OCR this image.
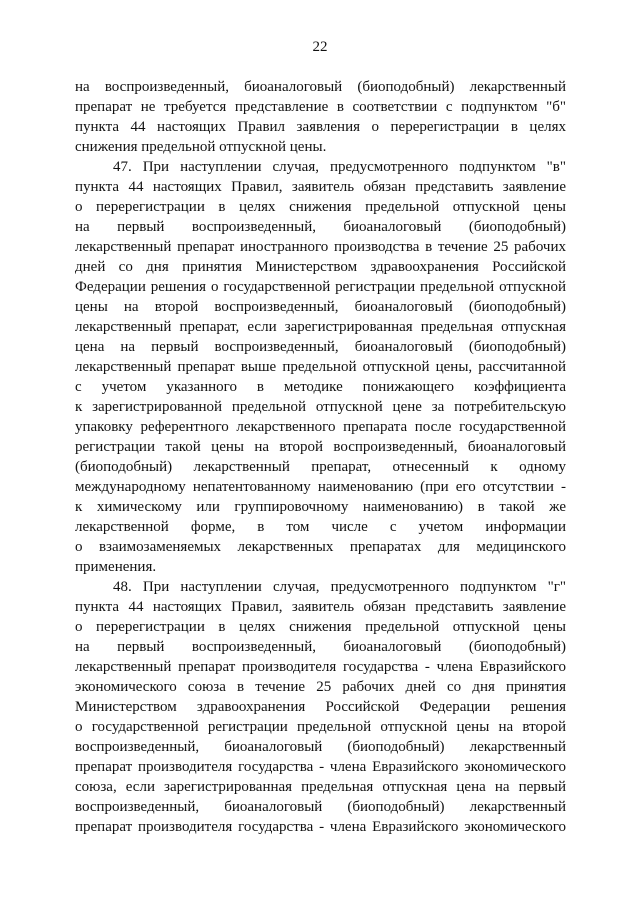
22
на воспроизведенный, биоаналоговый (биоподобный) лекарственный
препарат не требуется представление в соответствии с подпунктом "б"
пункта 44 настоящих Правил заявления о перерегистрации в целях
снижения предельной отпускной цены.
47. При наступлении случая, предусмотренного подпунктом "в"
пункта 44 настоящих Правил, заявитель обязан представить заявление
о перерегистрации в целях снижения предельной отпускной цены
на первый воспроизведенный, биоаналоговый (биоподобный)
лекарственный препарат иностранного производства в течение 25 рабочих
дней со дня принятия Министерством здравоохранения Российской
Федерации решения о государственной регистрации предельной отпускной
цены на второй воспроизведенный, биоаналоговый (биоподобный)
лекарственный препарат, если зарегистрированная предельная отпускная
цена на первый воспроизведенный, биоаналоговый (биоподобный)
лекарственный препарат выше предельной отпускной цены, рассчитанной
с учетом указанного в методике понижающего коэффициента
к зарегистрированной предельной отпускной цене за потребительскую
упаковку референтного лекарственного препарата после государственной
регистрации такой цены на второй воспроизведенный, биоаналоговый
(биоподобный) лекарственный препарат, отнесенный к одному
международному непатентованному наименованию (при его отсутствии -
к химическому или группировочному наименованию) в такой же
лекарственной форме, в том числе с учетом информации
о взаимозаменяемых лекарственных препаратах для медицинского
применения.
48. При наступлении случая, предусмотренного подпунктом "г"
пункта 44 настоящих Правил, заявитель обязан представить заявление
о перерегистрации в целях снижения предельной отпускной цены
на первый воспроизведенный, биоаналоговый (биоподобный)
лекарственный препарат производителя государства - члена Евразийского
экономического союза в течение 25 рабочих дней со дня принятия
Министерством здравоохранения Российской Федерации решения
о государственной регистрации предельной отпускной цены на второй
воспроизведенный, биоаналоговый (биоподобный) лекарственный
препарат производителя государства - члена Евразийского экономического
союза, если зарегистрированная предельная отпускная цена на первый
воспроизведенный, биоаналоговый (биоподобный) лекарственный
препарат производителя государства - члена Евразийского экономического
